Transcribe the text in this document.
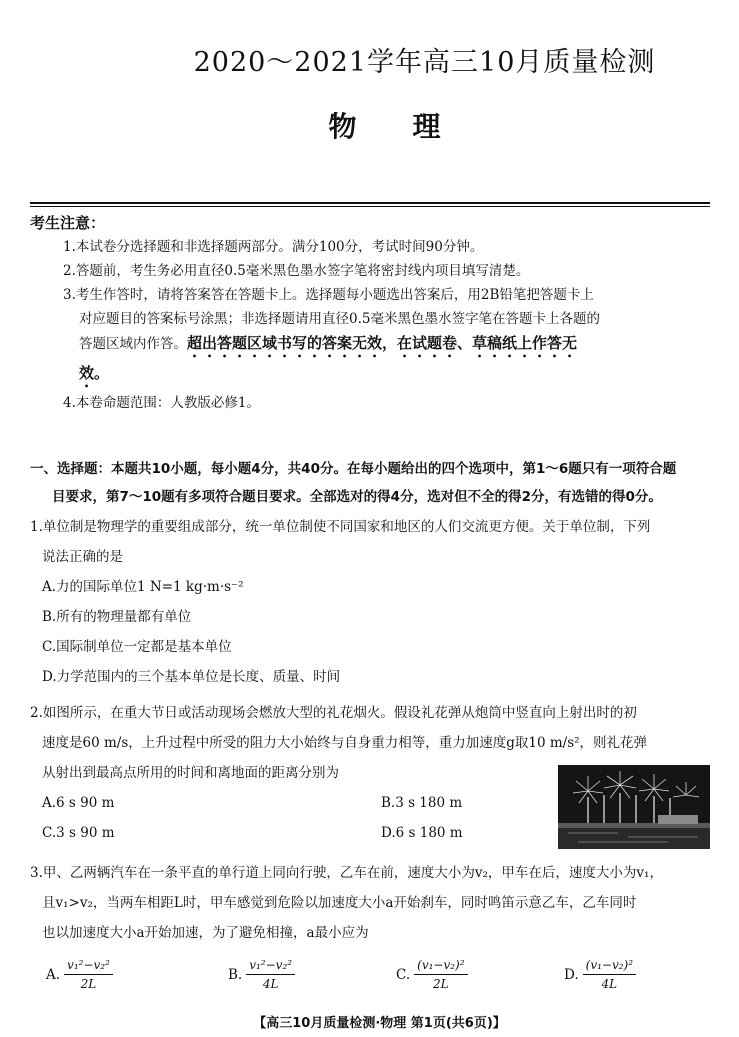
2020～2021学年高三10月质量检测
物 理
考生注意：
1.本试卷分选择题和非选择题两部分。满分100分，考试时间90分钟。
2.答题前，考生务必用直径0.5毫米黑色墨水签字笔将密封线内项目填写清楚。
3.考生作答时，请将答案答在答题卡上。选择题每小题选出答案后，用2B铅笔把答题卡上对应题目的答案标号涂黑；非选择题请用直径0.5毫米黑色墨水签字笔在答题卡上各题的答题区域内作答。超出答题区域书写的答案无效，在试题卷、草稿纸上作答无效。
4.本卷命题范围：人教版必修1。
一、选择题：本题共10小题，每小题4分，共40分。在每小题给出的四个选项中，第1～6题只有一项符合题
目要求，第7～10题有多项符合题目要求。全部选对的得4分，选对但不全的得2分，有选错的得0分。
1.单位制是物理学的重要组成部分，统一单位制使不同国家和地区的人们交流更方便。关于单位制，下列
说法正确的是
A.力的国际单位1 N=1 kg·m·s⁻²
B.所有的物理量都有单位
C.国际制单位一定都是基本单位
D.力学范围内的三个基本单位是长度、质量、时间
2.如图所示，在重大节日或活动现场会燃放大型的礼花烟火。假设礼花弹从炮筒中竖直向上射出时的初
速度是60 m/s，上升过程中所受的阻力大小始终与自身重力相等，重力加速度g取10 m/s²，则礼花弹
从射出到最高点所用的时间和离地面的距离分别为
A.6 s 90 m	B.3 s 180 m
C.3 s 90 m	D.6 s 180 m
3.甲、乙两辆汽车在一条平直的单行道上同向行驶，乙车在前，速度大小为v₂，甲车在后，速度大小为v₁，
且v₁>v₂，当两车相距L时，甲车感觉到危险以加速度大小a开始刹车，同时鸣笛示意乙车，乙车同时
也以加速度大小a开始加速，为了避免相撞，a最小应为
A. $\frac{\text{v₁²−v₂²}}{2L}$	B. $\frac{\text{v₁²−v₂²}}{4L}$	C. $\frac{\text{(v₁−v₂)²}}{2L}$	D. $\frac{\text{(v₁−v₂)²}}{4L}$
【高三10月质量检测·物理 第1页(共6页)】
